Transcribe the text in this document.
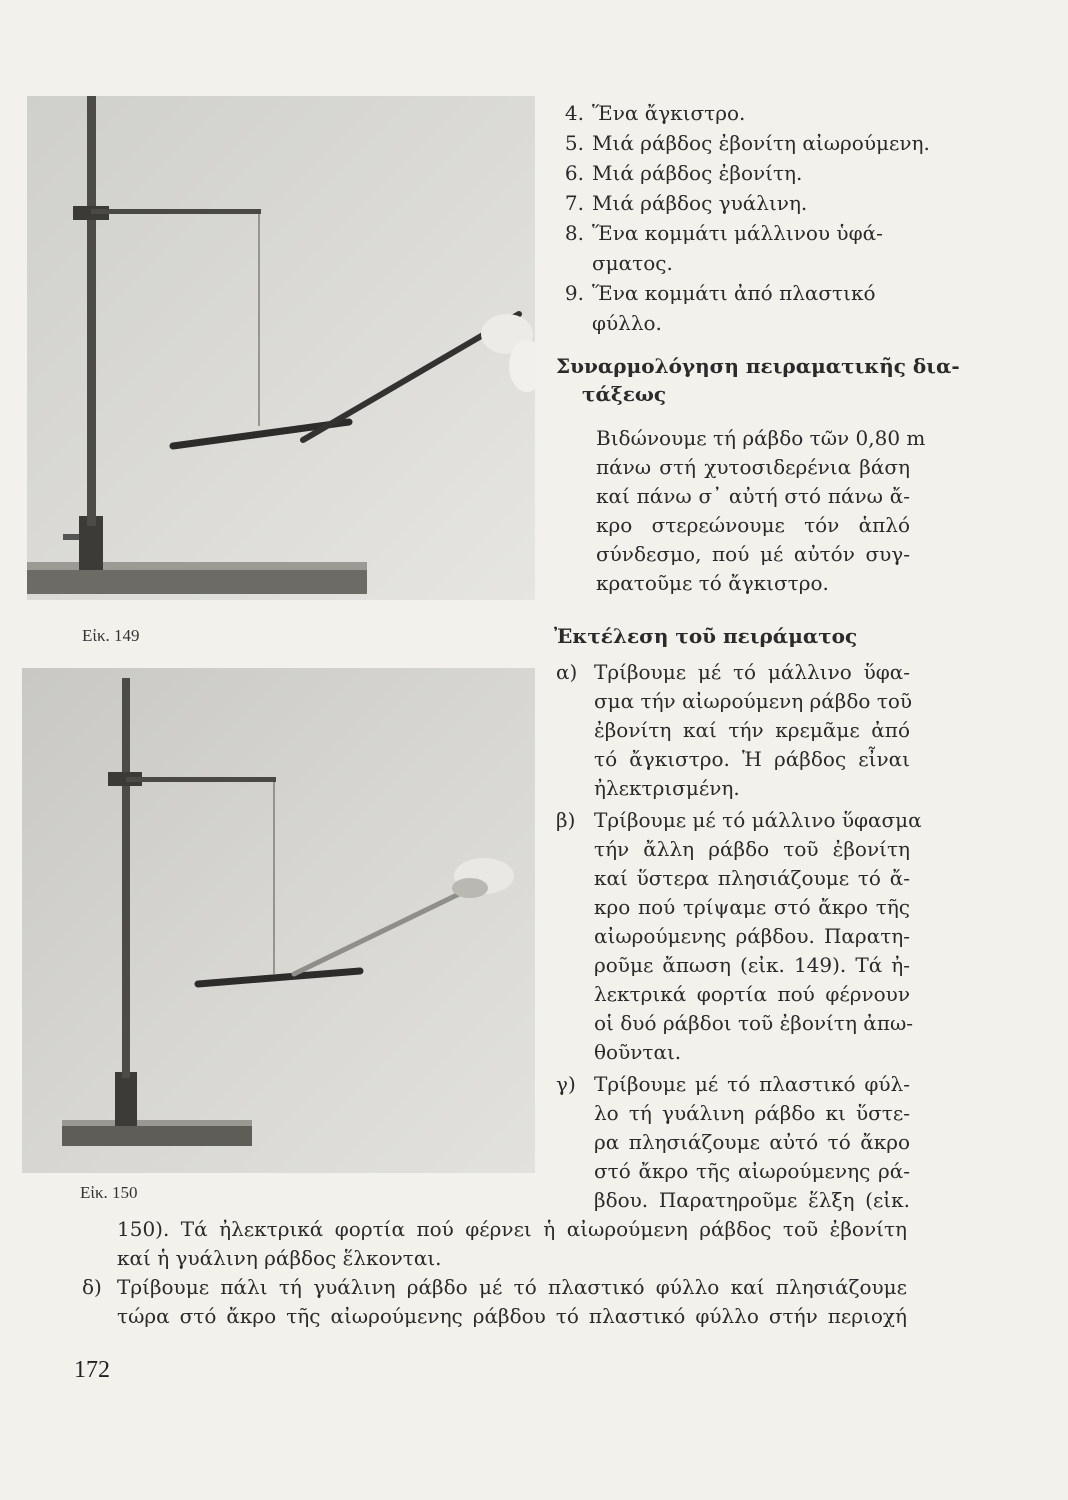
Εἰκ. 149
Εἰκ. 150
4. Ἕνα ἄγκιστρο.
5. Μιά ράβδος ἐβονίτη αἰωρούμενη.
6. Μιά ράβδος ἐβονίτη.
7. Μιά ράβδος γυάλινη.
8. Ἕνα κομμάτι μάλλινου ὑφά-
σματος.
9. Ἕνα κομμάτι ἀπό πλαστικό
φύλλο.
Συναρμολόγηση πειραματικῆς δια-
τάξεως
Βιδώνουμε τή ράβδο τῶν 0,80 m
πάνω στή χυτοσιδερένια βάση
καί πάνω σ᾽ αὐτή στό πάνω ἄ-
κρο στερεώνουμε τόν ἁπλό
σύνδεσμο, πού μέ αὐτόν συγ-
κρατοῦμε τό ἄγκιστρο.
Ἐκτέλεση τοῦ πειράματος
α) Τρίβουμε μέ τό μάλλινο ὕφα-
σμα τήν αἰωρούμενη ράβδο τοῦ
ἐβονίτη καί τήν κρεμᾶμε ἀπό
τό ἄγκιστρο. Ἡ ράβδος εἶναι
ἠλεκτρισμένη.
β) Τρίβουμε μέ τό μάλλινο ὕφασμα
τήν ἄλλη ράβδο τοῦ ἐβονίτη
καί ὕστερα πλησιάζουμε τό ἄ-
κρο πού τρίψαμε στό ἄκρο τῆς
αἰωρούμενης ράβδου. Παρατη-
ροῦμε ἄπωση (εἰκ. 149). Τά ἠ-
λεκτρικά φορτία πού φέρνουν
οἱ δυό ράβδοι τοῦ ἐβονίτη ἀπω-
θοῦνται.
γ) Τρίβουμε μέ τό πλαστικό φύλ-
λο τή γυάλινη ράβδο κι ὕστε-
ρα πλησιάζουμε αὐτό τό ἄκρο
στό ἄκρο τῆς αἰωρούμενης ρά-
βδου. Παρατηροῦμε ἕλξη (εἰκ.
150). Τά ἠλεκτρικά φορτία πού φέρνει ἡ αἰωρούμενη ράβδος τοῦ ἐβονίτη
καί ἡ γυάλινη ράβδος ἕλκονται.
δ) Τρίβουμε πάλι τή γυάλινη ράβδο μέ τό πλαστικό φύλλο καί πλησιάζουμε
τώρα στό ἄκρο τῆς αἰωρούμενης ράβδου τό πλαστικό φύλλο στήν περιοχή
172
